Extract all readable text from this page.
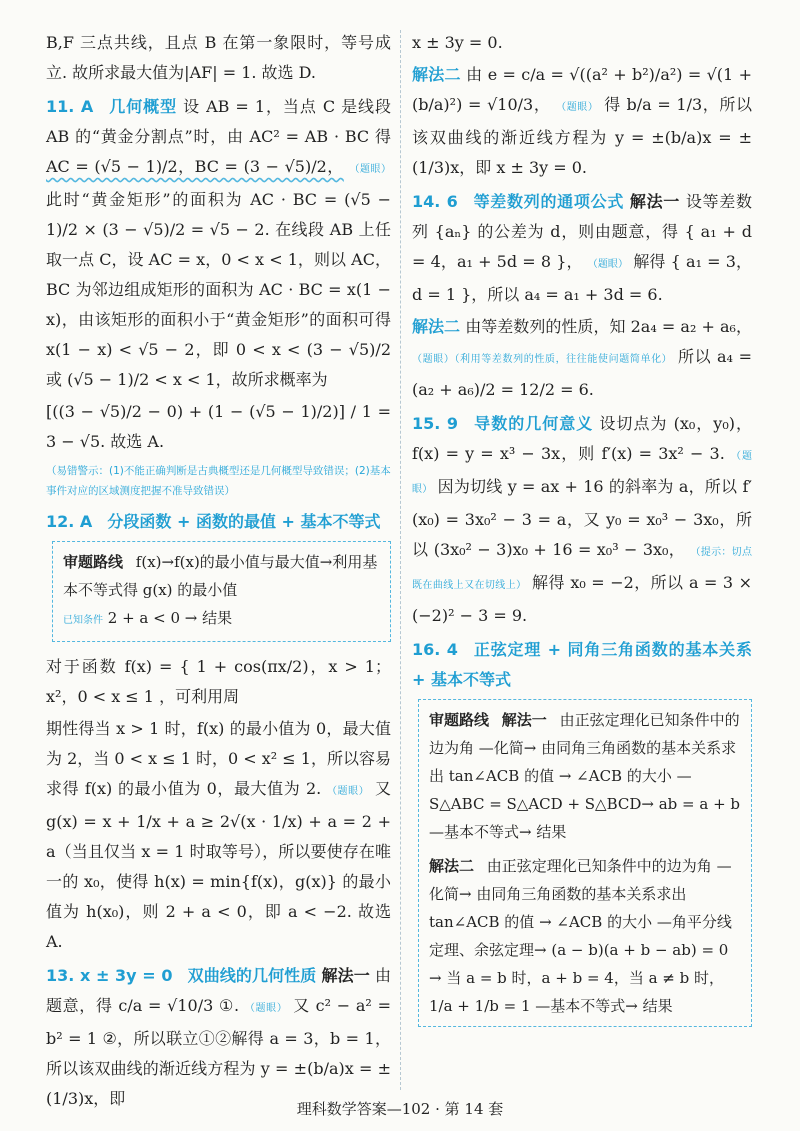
B,F 三点共线，且点 B 在第一象限时，等号成立. 故所求最大值为|AF| = 1. 故选 D.

11. A 几何概型 设 AB = 1，当点 C 是线段 AB 的“黄金分割点”时，由 AC² = AB · BC 得 AC = (√5 − 1)/2，BC = (3 − √5)/2， （题眼） 此时“黄金矩形”的面积为 AC · BC = (√5 − 1)/2 × (3 − √5)/2 = √5 − 2. 在线段 AB 上任取一点 C，设 AC = x，0 < x < 1，则以 AC，BC 为邻边组成矩形的面积为 AC · BC = x(1 − x)，由该矩形的面积小于“黄金矩形”的面积可得 x(1 − x) < √5 − 2，即 0 < x < (3 − √5)/2 或 (√5 − 1)/2 < x < 1，故所求概率为

[((3 − √5)/2 − 0) + (1 − (√5 − 1)/2)] / 1 = 3 − √5. 故选 A.

（易错警示：(1)不能正确判断是古典概型还是几何概型导致错误；(2)基本事件对应的区域测度把握不准导致错误）

12. A 分段函数 + 函数的最值 + 基本不等式

审题路线 f(x)→f(x)的最小值与最大值→利用基本不等式得 g(x) 的最小值
已知条件 2 + a < 0 → 结果

对于函数 f(x) = { 1 + cos(πx/2)，x > 1； x²，0 < x ≤ 1 ，可利用周

期性得当 x > 1 时，f(x) 的最小值为 0，最大值为 2，当 0 < x ≤ 1 时，0 < x² ≤ 1，所以容易求得 f(x) 的最小值为 0，最大值为 2. （题眼） 又 g(x) = x + 1/x + a ≥ 2√(x · 1/x) + a = 2 + a（当且仅当 x = 1 时取等号），所以要使存在唯一的 x₀，使得 h(x) = min{f(x)，g(x)} 的最小值为 h(x₀)，则 2 + a < 0，即 a < −2. 故选 A.

13. x ± 3y = 0 双曲线的几何性质 解法一 由题意，得 c/a = √10/3 ①. （题眼） 又 c² − a² = b² = 1 ②，所以联立①②解得 a = 3，b = 1，所以该双曲线的渐近线方程为 y = ±(b/a)x = ±(1/3)x，即

x ± 3y = 0.

解法二 由 e = c/a = √((a² + b²)/a²) = √(1 + (b/a)²) = √10/3， （题眼） 得 b/a = 1/3，所以该双曲线的渐近线方程为 y = ±(b/a)x = ±(1/3)x，即 x ± 3y = 0.

14. 6 等差数列的通项公式 解法一 设等差数列 {aₙ} 的公差为 d，则由题意，得 { a₁ + d = 4，a₁ + 5d = 8 }， （题眼） 解得 { a₁ = 3，d = 1 }，所以 a₄ = a₁ + 3d = 6.

解法二 由等差数列的性质，知 2a₄ = a₂ + a₆， （题眼）（利用等差数列的性质，往往能使问题简单化） 所以 a₄ = (a₂ + a₆)/2 = 12/2 = 6.

15. 9 导数的几何意义 设切点为 (x₀，y₀)，f(x) = y = x³ − 3x，则 f′(x) = 3x² − 3. （题眼） 因为切线 y = ax + 16 的斜率为 a，所以 f′(x₀) = 3x₀² − 3 = a，又 y₀ = x₀³ − 3x₀，所以 (3x₀² − 3)x₀ + 16 = x₀³ − 3x₀， （提示：切点既在曲线上又在切线上） 解得 x₀ = −2，所以 a = 3 × (−2)² − 3 = 9.

16. 4 正弦定理 + 同角三角函数的基本关系 + 基本不等式

审题路线 解法一 由正弦定理化已知条件中的边为角 —化简→ 由同角三角函数的基本关系求出 tan∠ACB 的值 → ∠ACB 的大小 —S△ABC = S△ACD + S△BCD→ ab = a + b —基本不等式→ 结果
解法二 由正弦定理化已知条件中的边为角 —化简→ 由同角三角函数的基本关系求出 tan∠ACB 的值 → ∠ACB 的大小 —角平分线定理、余弦定理→ (a − b)(a + b − ab) = 0 → 当 a = b 时，a + b = 4，当 a ≠ b 时，1/a + 1/b = 1 —基本不等式→ 结果
理科数学答案—102 · 第 14 套
